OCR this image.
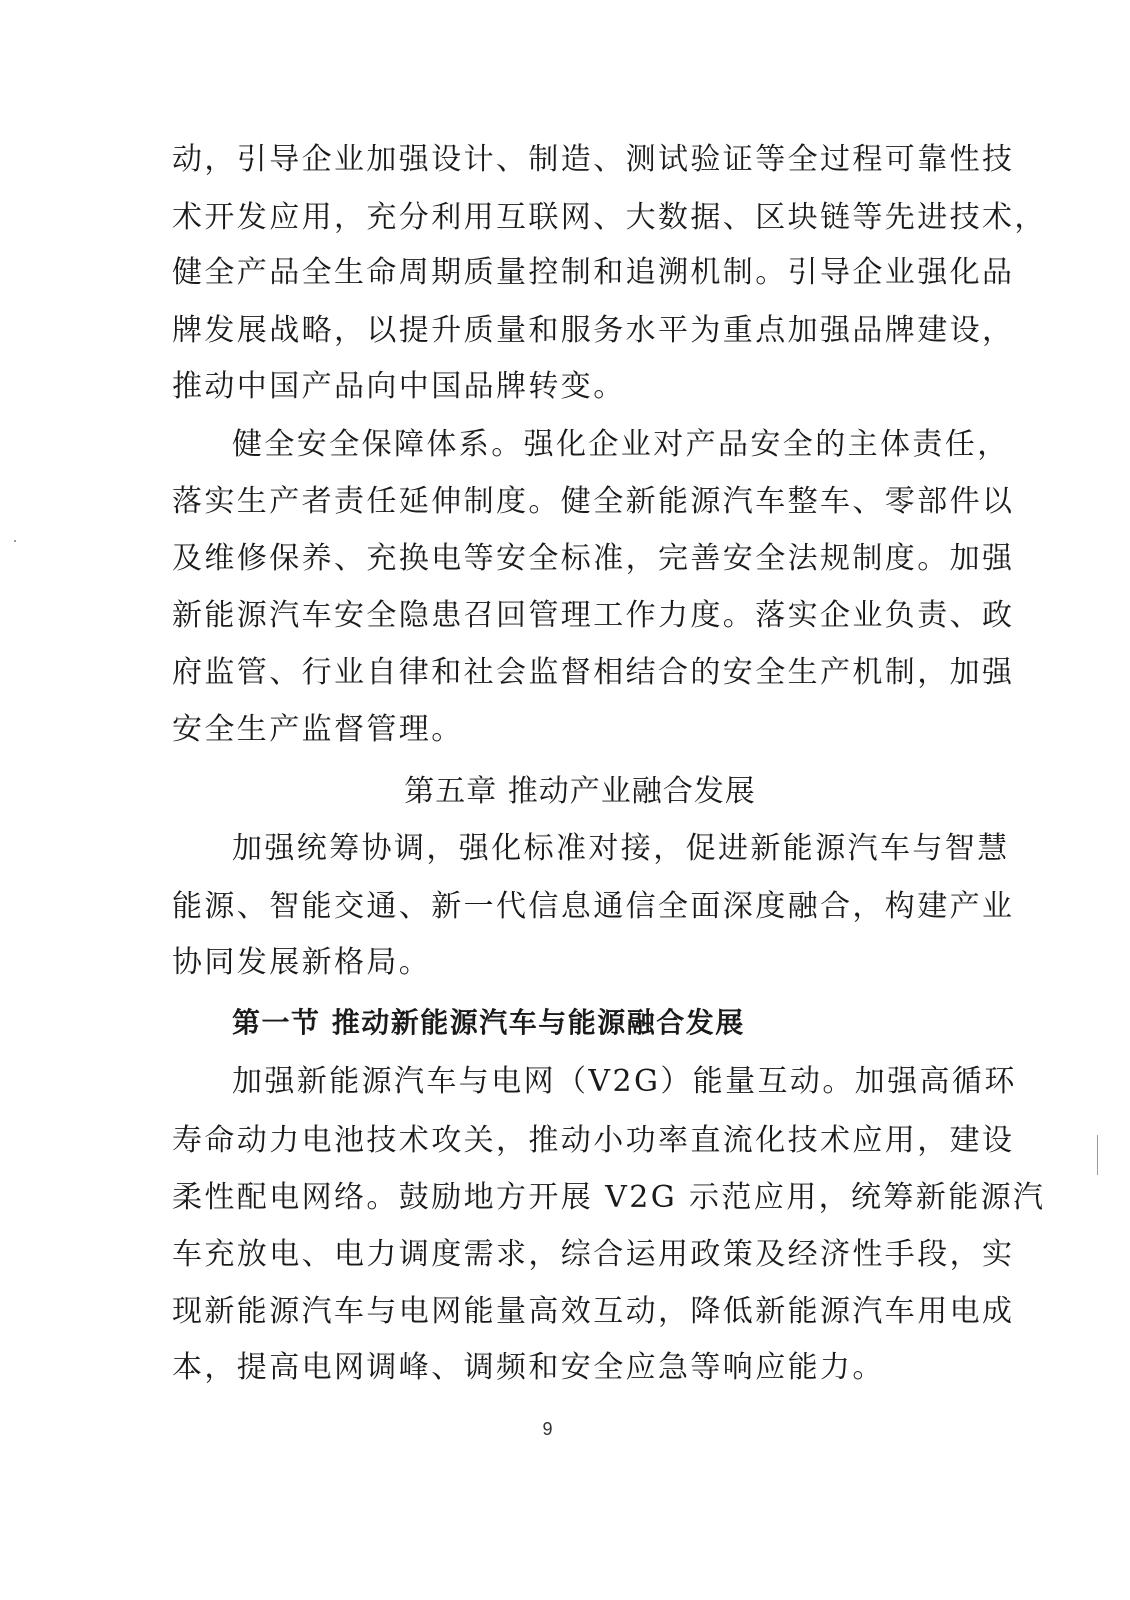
动，引导企业加强设计、制造、测试验证等全过程可靠性技
术开发应用，充分利用互联网、大数据、区块链等先进技术，
健全产品全生命周期质量控制和追溯机制。引导企业强化品
牌发展战略，以提升质量和服务水平为重点加强品牌建设，
推动中国产品向中国品牌转变。
健全安全保障体系。强化企业对产品安全的主体责任，
落实生产者责任延伸制度。健全新能源汽车整车、零部件以
及维修保养、充换电等安全标准，完善安全法规制度。加强
新能源汽车安全隐患召回管理工作力度。落实企业负责、政
府监管、行业自律和社会监督相结合的安全生产机制，加强
安全生产监督管理。
第五章 推动产业融合发展
加强统筹协调，强化标准对接，促进新能源汽车与智慧
能源、智能交通、新一代信息通信全面深度融合，构建产业
协同发展新格局。
第一节 推动新能源汽车与能源融合发展
加强新能源汽车与电网（V2G）能量互动。加强高循环
寿命动力电池技术攻关，推动小功率直流化技术应用，建设
柔性配电网络。鼓励地方开展 V2G 示范应用，统筹新能源汽
车充放电、电力调度需求，综合运用政策及经济性手段，实
现新能源汽车与电网能量高效互动，降低新能源汽车用电成
本，提高电网调峰、调频和安全应急等响应能力。
9
